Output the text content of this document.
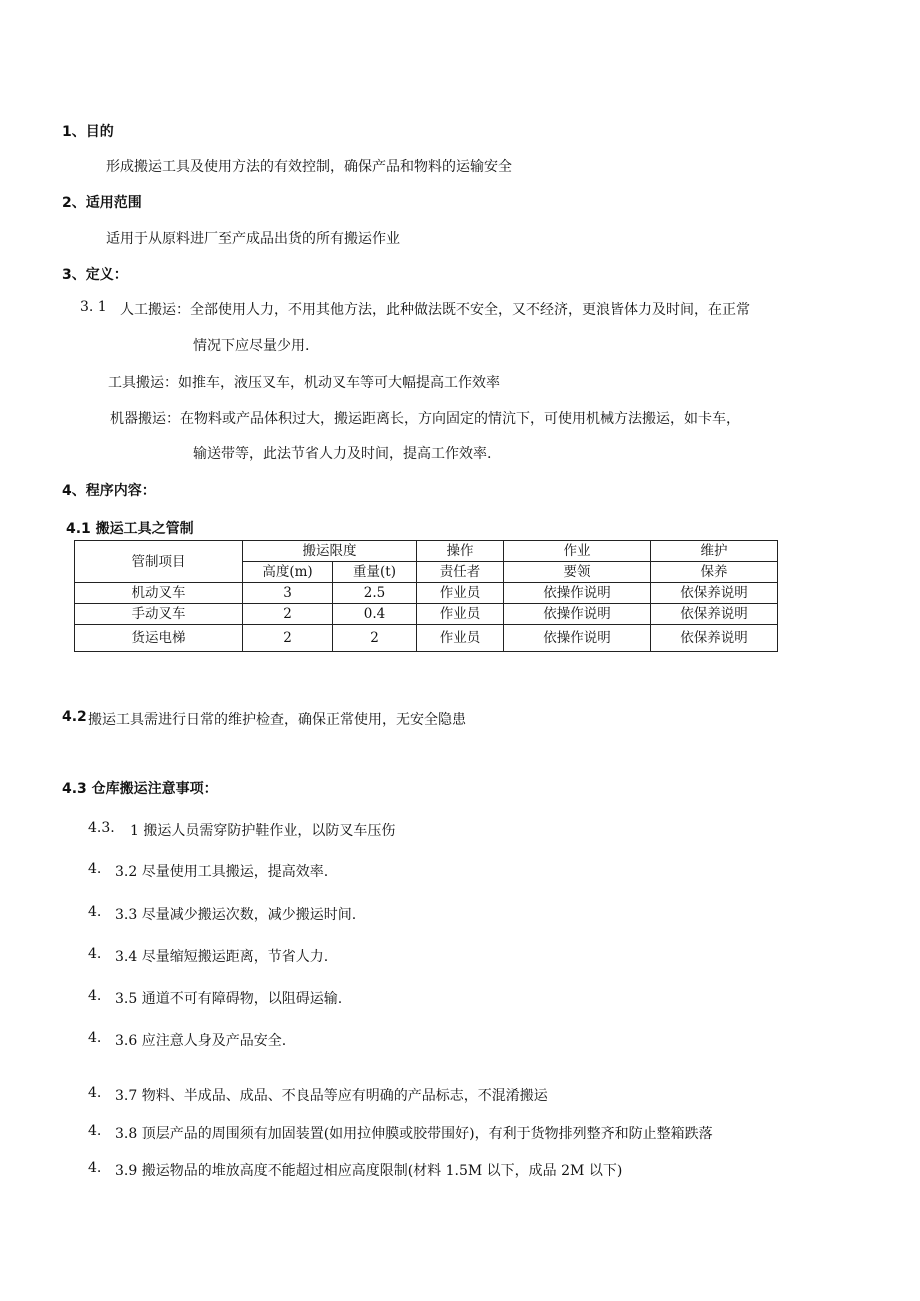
1、目的
形成搬运工具及使用方法的有效控制，确保产品和物料的运输安全
2、适用范围
适用于从原料进厂至产成品出货的所有搬运作业
3、定义：
3. 1 人工搬运：全部使用人力，不用其他方法，此种做法既不安全，又不经济，更浪皆体力及时间，在正常
情况下应尽量少用.
工具搬运：如推车，液压叉车，机动叉车等可大幅提高工作效率
机器搬运：在物料或产品体积过大，搬运距离长，方向固定的情沆下，可使用机械方法搬运，如卡车，
输送带等，此法节省人力及时间，提高工作效率.
4、程序内容：
4.1 搬运工具之管制
管制项目	搬运限度		操作	作业	维护
	高度(m)	重量(t)	责任者	要领	保养
机动叉车	3	2.5	作业员	依操作说明	依保养说明
手动叉车	2	0.4	作业员	依操作说明	依保养说明
货运电梯	2	2	作业员	依操作说明	依保养说明
4.2 搬运工具需进行日常的维护检查，确保正常使用，无安全隐患
4.3 仓库搬运注意事项：
4.3. 1 搬运人员需穿防护鞋作业，以防叉车压伤
4. 3.2 尽量使用工具搬运，提高效率.
4. 3.3 尽量减少搬运次数，减少搬运时间.
4. 3.4 尽量缩短搬运距离，节省人力.
4. 3.5 通道不可有障碍物，以阻碍运输.
4. 3.6 应注意人身及产品安全.
4. 3.7 物料、半成品、成品、不良品等应有明确的产品标志，不混淆搬运
4. 3.8 顶层产品的周围须有加固装置(如用拉伸膜或胶带围好)，有利于货物排列整齐和防止整箱跌落
4. 3.9 搬运物品的堆放高度不能超过相应高度限制(材料 1.5M 以下，成品 2M 以下)
